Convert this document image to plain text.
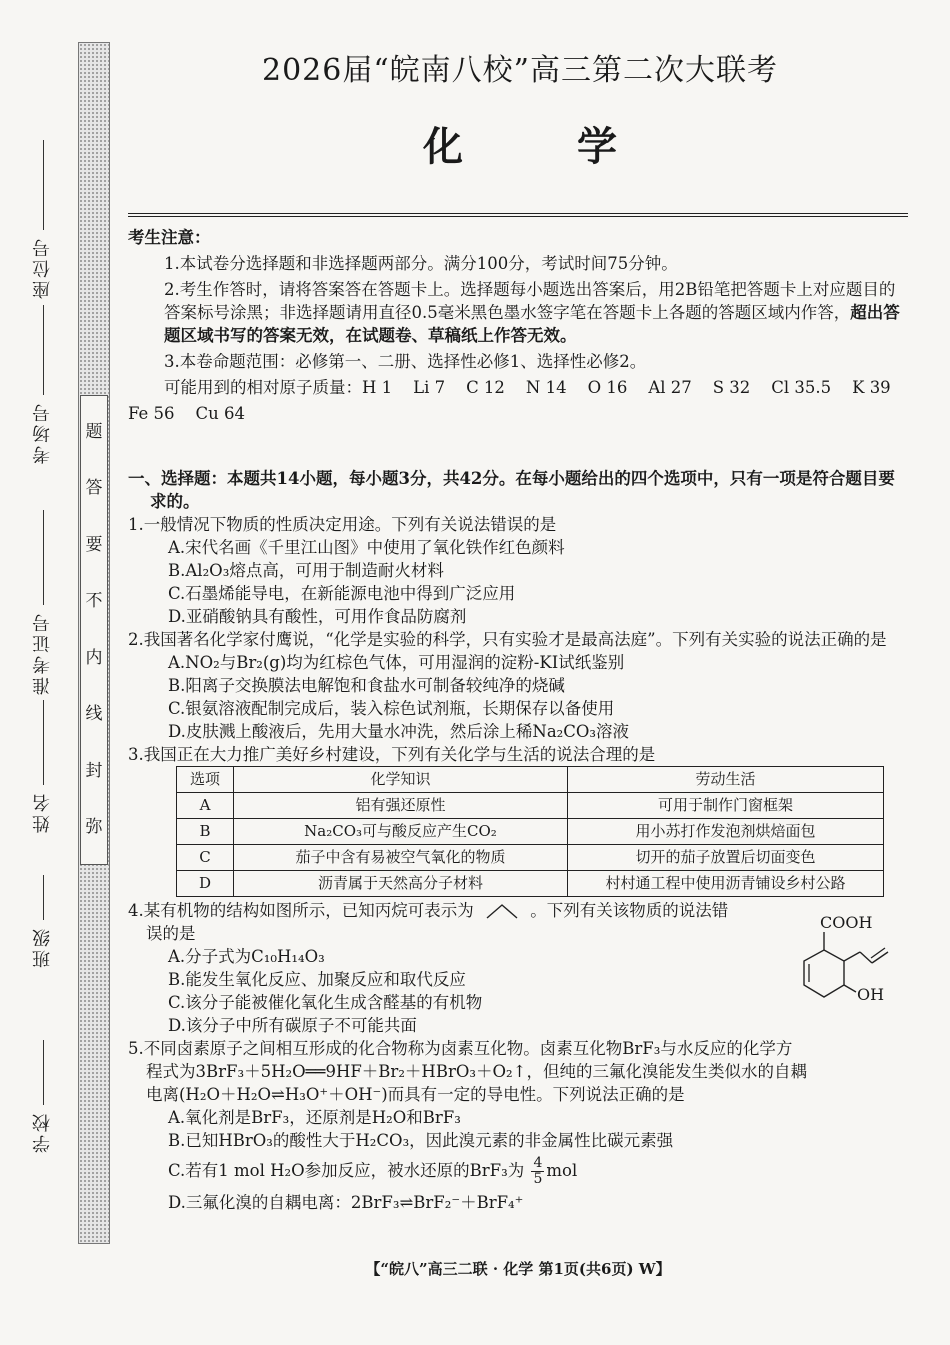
题
答
要
不
内
线
封
弥
座位号
考场号
准考证号
姓名
班级
学校
2026届“皖南八校”高三第二次大联考
化 学
考生注意：
1.本试卷分选择题和非选择题两部分。满分100分，考试时间75分钟。
2.考生作答时，请将答案答在答题卡上。选择题每小题选出答案后，用2B铅笔把答题卡上对应题目的答案标号涂黑；非选择题请用直径0.5毫米黑色墨水签字笔在答题卡上各题的答题区域内作答，超出答题区域书写的答案无效，在试题卷、草稿纸上作答无效。
3.本卷命题范围：必修第一、二册、选择性必修1、选择性必修2。
可能用到的相对原子质量：H 1    Li 7    C 12    N 14    O 16    Al 27    S 32    Cl 35.5    K 39
Fe 56    Cu 64
一、选择题：本题共14小题，每小题3分，共42分。在每小题给出的四个选项中，只有一项是符合题目要求的。
1.一般情况下物质的性质决定用途。下列有关说法错误的是
A.宋代名画《千里江山图》中使用了氧化铁作红色颜料
B.Al₂O₃熔点高，可用于制造耐火材料
C.石墨烯能导电，在新能源电池中得到广泛应用
D.亚硝酸钠具有酸性，可用作食品防腐剂
2.我国著名化学家付鹰说，“化学是实验的科学，只有实验才是最高法庭”。下列有关实验的说法正确的是
A.NO₂与Br₂(g)均为红棕色气体，可用湿润的淀粉-KI试纸鉴别
B.阳离子交换膜法电解饱和食盐水可制备较纯净的烧碱
C.银氨溶液配制完成后，装入棕色试剂瓶，长期保存以备使用
D.皮肤溅上酸液后，先用大量水冲洗，然后涂上稀Na₂CO₃溶液
3.我国正在大力推广美好乡村建设，下列有关化学与生活的说法合理的是
选项	化学知识	劳动生活
A	铝有强还原性	可用于制作门窗框架
B	Na₂CO₃可与酸反应产生CO₂	用小苏打作发泡剂烘焙面包
C	茄子中含有易被空气氧化的物质	切开的茄子放置后切面变色
D	沥青属于天然高分子材料	村村通工程中使用沥青铺设乡村公路
4.某有机物的结构如图所示，已知丙烷可表示为	。下列有关该物质的说法错
误的是
A.分子式为C₁₀H₁₄O₃
B.能发生氧化反应、加聚反应和取代反应
C.该分子能被催化氧化生成含醛基的有机物
D.该分子中所有碳原子不可能共面
5.不同卤素原子之间相互形成的化合物称为卤素互化物。卤素互化物BrF₃与水反应的化学方
程式为3BrF₃＋5H₂O══9HF＋Br₂＋HBrO₃＋O₂↑，但纯的三氟化溴能发生类似水的自耦
电离(H₂O＋H₂O⇌H₃O⁺＋OH⁻)而具有一定的导电性。下列说法正确的是
A.氧化剂是BrF₃，还原剂是H₂O和BrF₃
B.已知HBrO₃的酸性大于H₂CO₃，因此溴元素的非金属性比碳元素强
C.若有1 mol H₂O参加反应，被水还原的BrF₃为 $\frac{4}{5}$ mol
D.三氟化溴的自耦电离：2BrF₃⇌BrF₂⁻＋BrF₄⁺
COOH
OH
【“皖八”高三二联 · 化学 第1页(共6页) W】
